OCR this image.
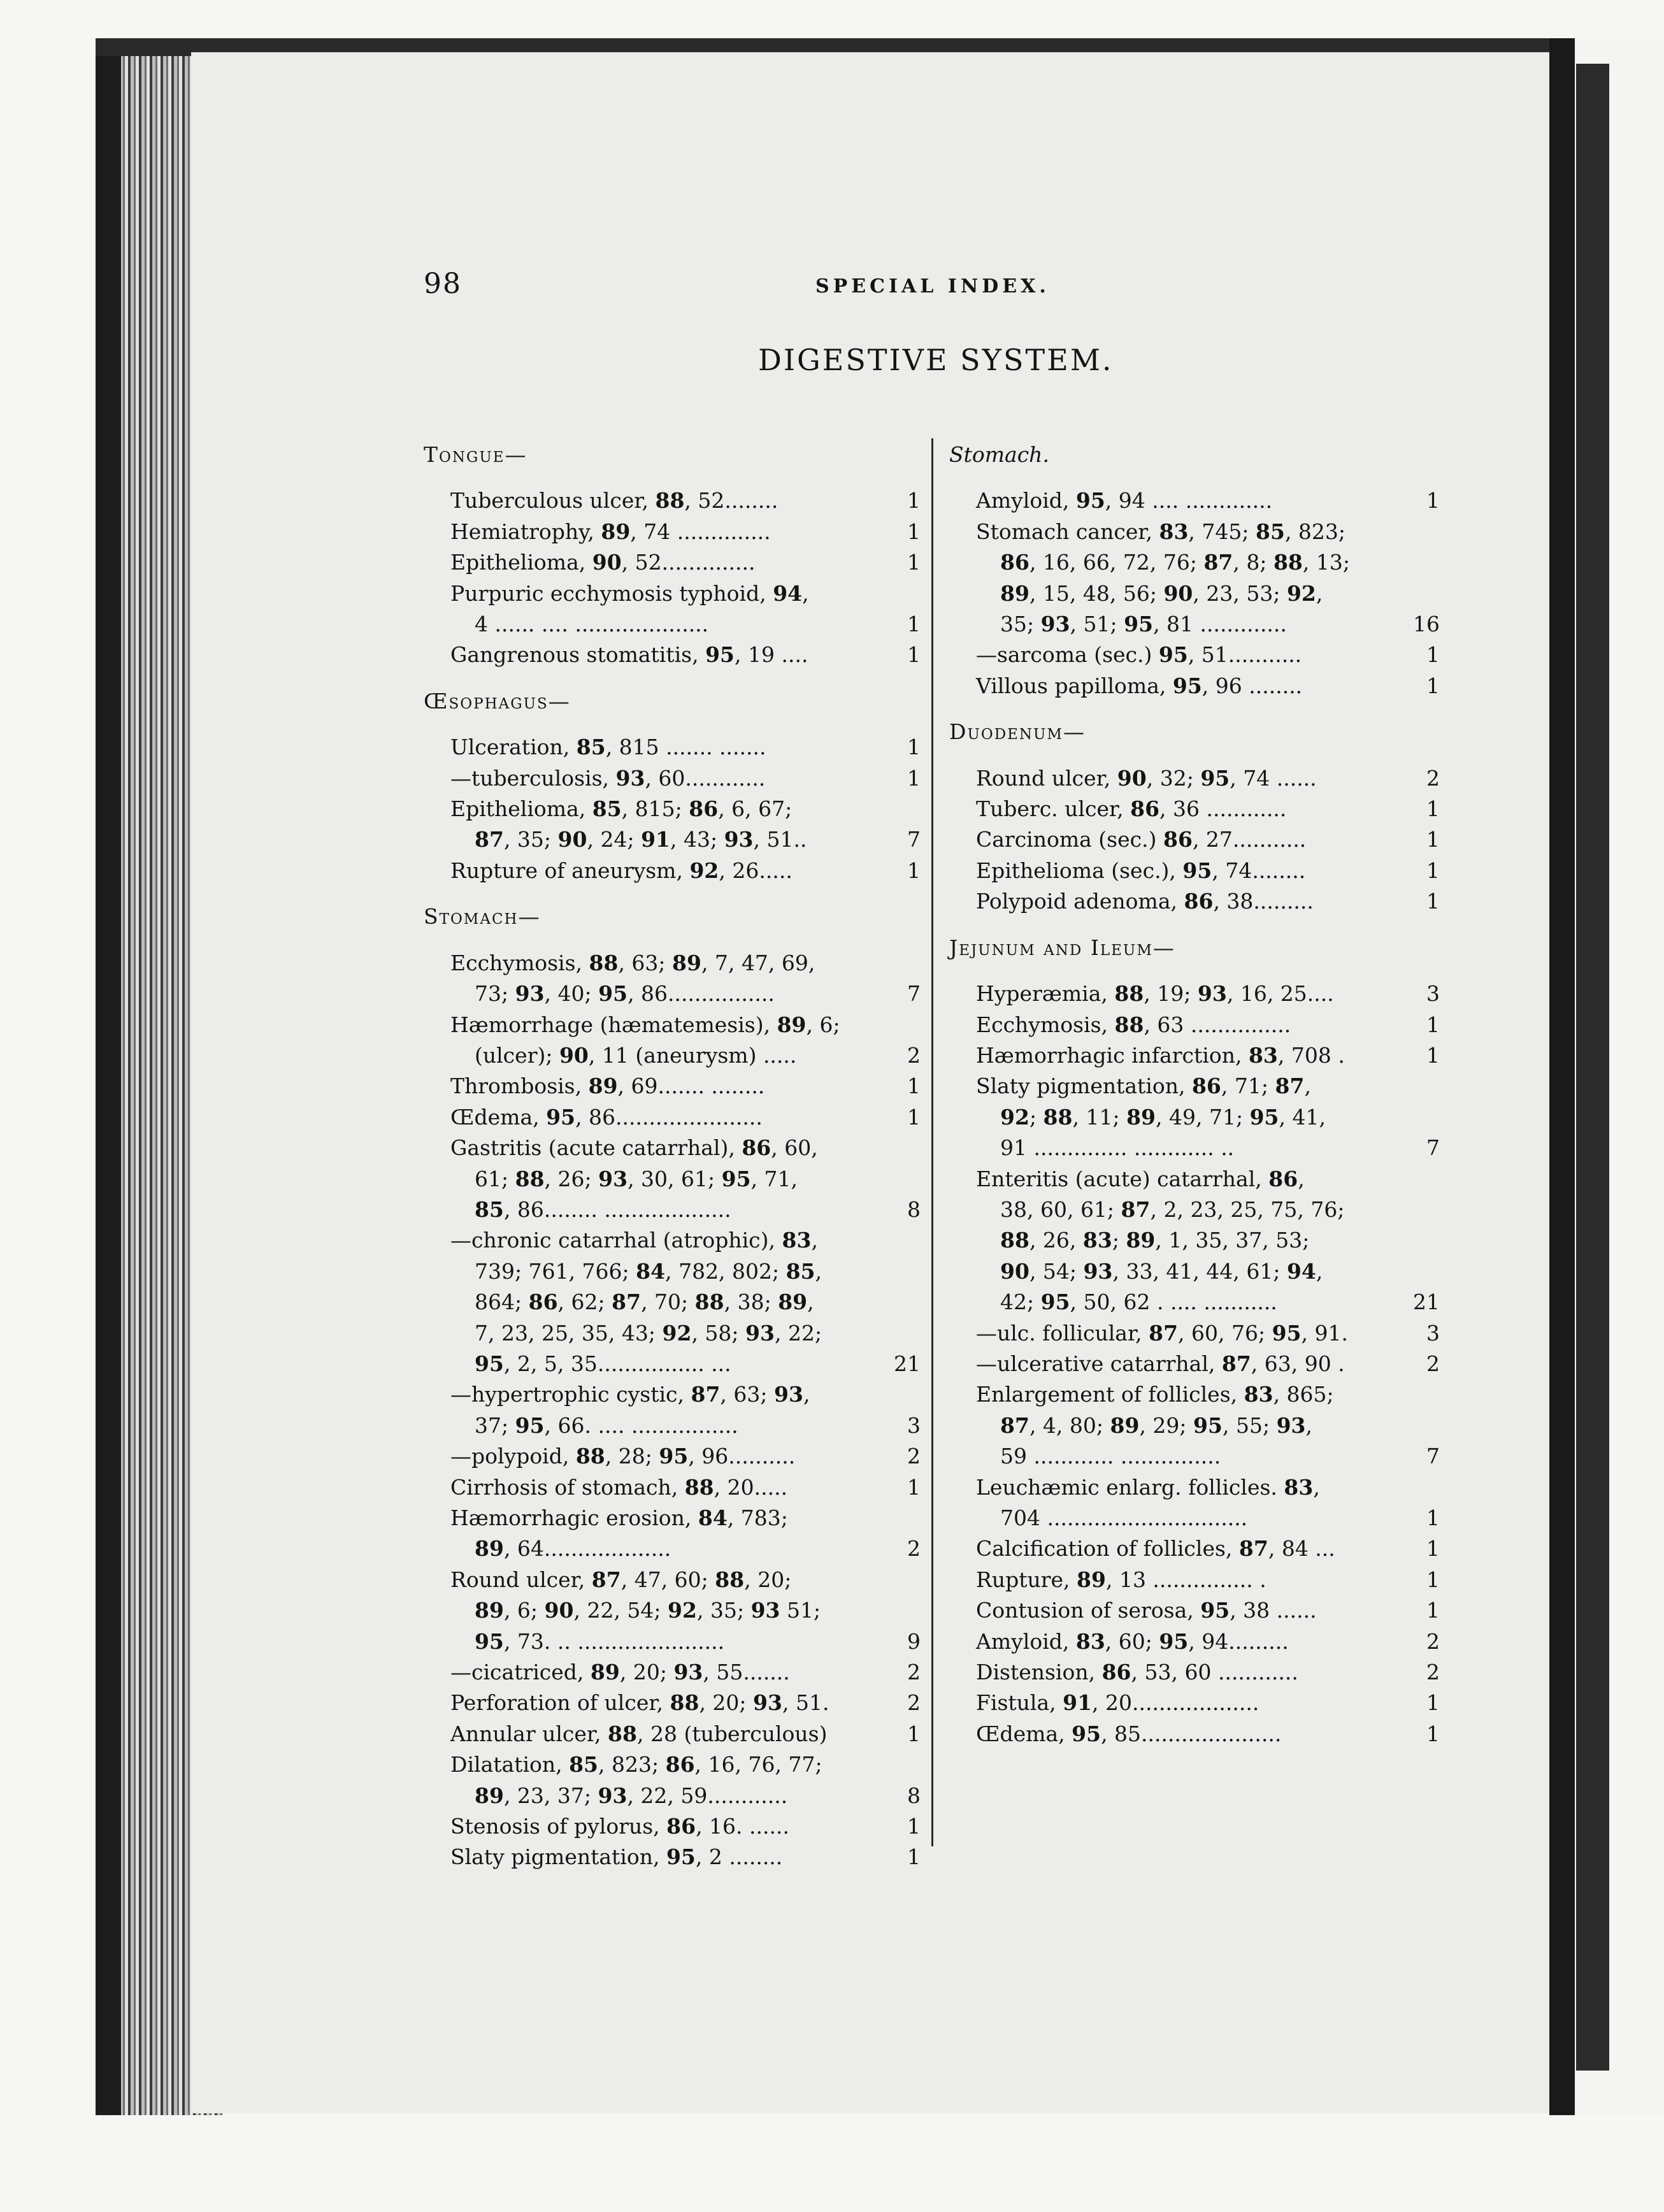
98	SPECIAL INDEX.
DIGESTIVE SYSTEM.
Tongue—
Tuberculous ulcer, 88, 52........	1
Hemiatrophy, 89, 74 ..............	1
Epithelioma, 90, 52..............	1
Purpuric ecchymosis typhoid, 94,
4 ...... .... ....................	1
Gangrenous stomatitis, 95, 19 ....	1
Œsophagus—
Ulceration, 85, 815 ....... .......	1
—tuberculosis, 93, 60............	1
Epithelioma, 85, 815; 86, 6, 67;
87, 35; 90, 24; 91, 43; 93, 51..	7
Rupture of aneurysm, 92, 26.....	1
Stomach—
Ecchymosis, 88, 63; 89, 7, 47, 69,
73; 93, 40; 95, 86................	7
Hæmorrhage (hæmatemesis), 89, 6;
(ulcer); 90, 11 (aneurysm) .....	2
Thrombosis, 89, 69....... ........	1
Œdema, 95, 86......................	1
Gastritis (acute catarrhal), 86, 60,
61; 88, 26; 93, 30, 61; 95, 71,
85, 86........ ...................	8
—chronic catarrhal (atrophic), 83,
739; 761, 766; 84, 782, 802; 85,
864; 86, 62; 87, 70; 88, 38; 89,
7, 23, 25, 35, 43; 92, 58; 93, 22;
95, 2, 5, 35................ ...	21
—hypertrophic cystic, 87, 63; 93,
37; 95, 66. .... ................	3
—polypoid, 88, 28; 95, 96..........	2
Cirrhosis of stomach, 88, 20.....	1
Hæmorrhagic erosion, 84, 783;
89, 64...................	2
Round ulcer, 87, 47, 60; 88, 20;
89, 6; 90, 22, 54; 92, 35; 93 51;
95, 73. .. ......................	9
—cicatriced, 89, 20; 93, 55.......	2
Perforation of ulcer, 88, 20; 93, 51.	2
Annular ulcer, 88, 28 (tuberculous)	1
Dilatation, 85, 823; 86, 16, 76, 77;
89, 23, 37; 93, 22, 59............	8
Stenosis of pylorus, 86, 16. ......	1
Slaty pigmentation, 95, 2 ........	1
Stomach.
Amyloid, 95, 94 .... .............	1
Stomach cancer, 83, 745; 85, 823;
86, 16, 66, 72, 76; 87, 8; 88, 13;
89, 15, 48, 56; 90, 23, 53; 92,
35; 93, 51; 95, 81 .............	16
—sarcoma (sec.) 95, 51...........	1
Villous papilloma, 95, 96 ........	1
Duodenum—
Round ulcer, 90, 32; 95, 74 ......	2
Tuberc. ulcer, 86, 36 ............	1
Carcinoma (sec.) 86, 27...........	1
Epithelioma (sec.), 95, 74........	1
Polypoid adenoma, 86, 38.........	1
Jejunum and Ileum—
Hyperæmia, 88, 19; 93, 16, 25....	3
Ecchymosis, 88, 63 ...............	1
Hæmorrhagic infarction, 83, 708 .	1
Slaty pigmentation, 86, 71; 87,
92; 88, 11; 89, 49, 71; 95, 41,
91 .............. ............ ..	7
Enteritis (acute) catarrhal, 86,
38, 60, 61; 87, 2, 23, 25, 75, 76;
88, 26, 83; 89, 1, 35, 37, 53;
90, 54; 93, 33, 41, 44, 61; 94,
42; 95, 50, 62 . .... ...........	21
—ulc. follicular, 87, 60, 76; 95, 91.	3
—ulcerative catarrhal, 87, 63, 90 .	2
Enlargement of follicles, 83, 865;
87, 4, 80; 89, 29; 95, 55; 93,
59 ............ ...............	7
Leuchæmic enlarg. follicles. 83,
704 ..............................	1
Calcification of follicles, 87, 84 ...	1
Rupture, 89, 13 ............... .	1
Contusion of serosa, 95, 38 ......	1
Amyloid, 83, 60; 95, 94.........	2
Distension, 86, 53, 60 ............	2
Fistula, 91, 20...................	1
Œdema, 95, 85.....................	1
